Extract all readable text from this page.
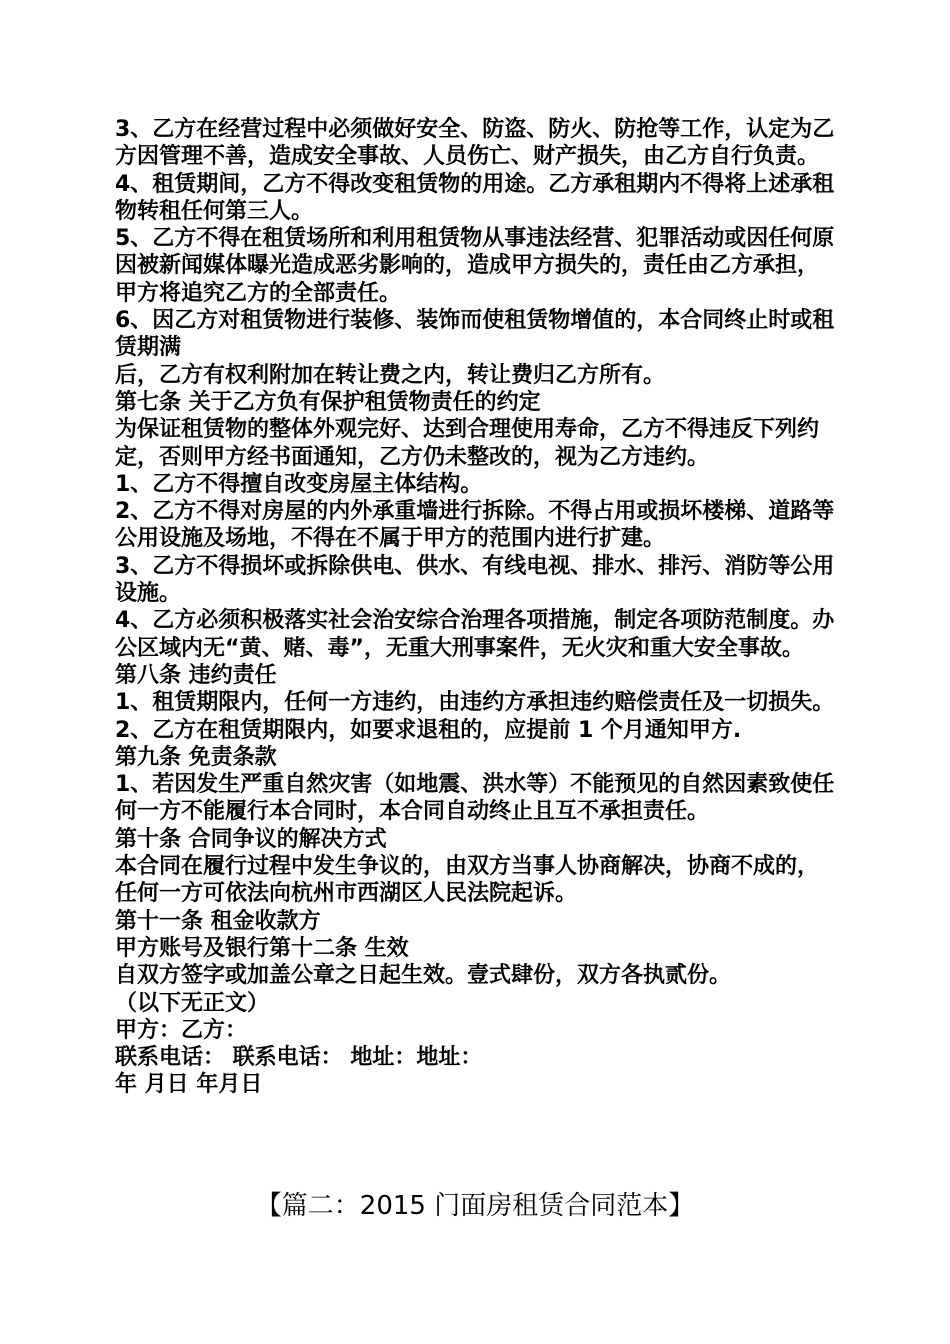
3、乙方在经营过程中必须做好安全、防盗、防火、防抢等工作，认定为乙方因管理不善，造成安全事故、人员伤亡、财产损失，由乙方自行负责。

4、租赁期间，乙方不得改变租赁物的用途。乙方承租期内不得将上述承租物转租任何第三人。

5、乙方不得在租赁场所和利用租赁物从事违法经营、犯罪活动或因任何原因被新闻媒体曝光造成恶劣影响的，造成甲方损失的，责任由乙方承担，甲方将追究乙方的全部责任。

6、因乙方对租赁物进行装修、装饰而使租赁物增值的，本合同终止时或租赁期满

后，乙方有权利附加在转让费之内，转让费归乙方所有。

第七条 关于乙方负有保护租赁物责任的约定

为保证租赁物的整体外观完好、达到合理使用寿命，乙方不得违反下列约定，否则甲方经书面通知，乙方仍未整改的，视为乙方违约。

1、乙方不得擅自改变房屋主体结构。

2、乙方不得对房屋的内外承重墙进行拆除。不得占用或损坏楼梯、道路等公用设施及场地，不得在不属于甲方的范围内进行扩建。

3、乙方不得损坏或拆除供电、供水、有线电视、排水、排污、消防等公用设施。

4、乙方必须积极落实社会治安综合治理各项措施，制定各项防范制度。办公区域内无“黄、赌、毒”，无重大刑事案件，无火灾和重大安全事故。

第八条 违约责任

1、租赁期限内，任何一方违约，由违约方承担违约赔偿责任及一切损失。

2、乙方在租赁期限内，如要求退租的，应提前 1 个月通知甲方.

第九条 免责条款

1、若因发生严重自然灾害（如地震、洪水等）不能预见的自然因素致使任何一方不能履行本合同时，本合同自动终止且互不承担责任。

第十条 合同争议的解决方式

本合同在履行过程中发生争议的，由双方当事人协商解决，协商不成的，任何一方可依法向杭州市西湖区人民法院起诉。

第十一条 租金收款方

甲方账号及银行第十二条 生效

自双方签字或加盖公章之日起生效。壹式肆份，双方各执贰份。

（以下无正文）

甲方：乙方：

联系电话： 联系电话： 地址：地址：

年 月日 年月日

【篇二：2015 门面房租赁合同范本】
